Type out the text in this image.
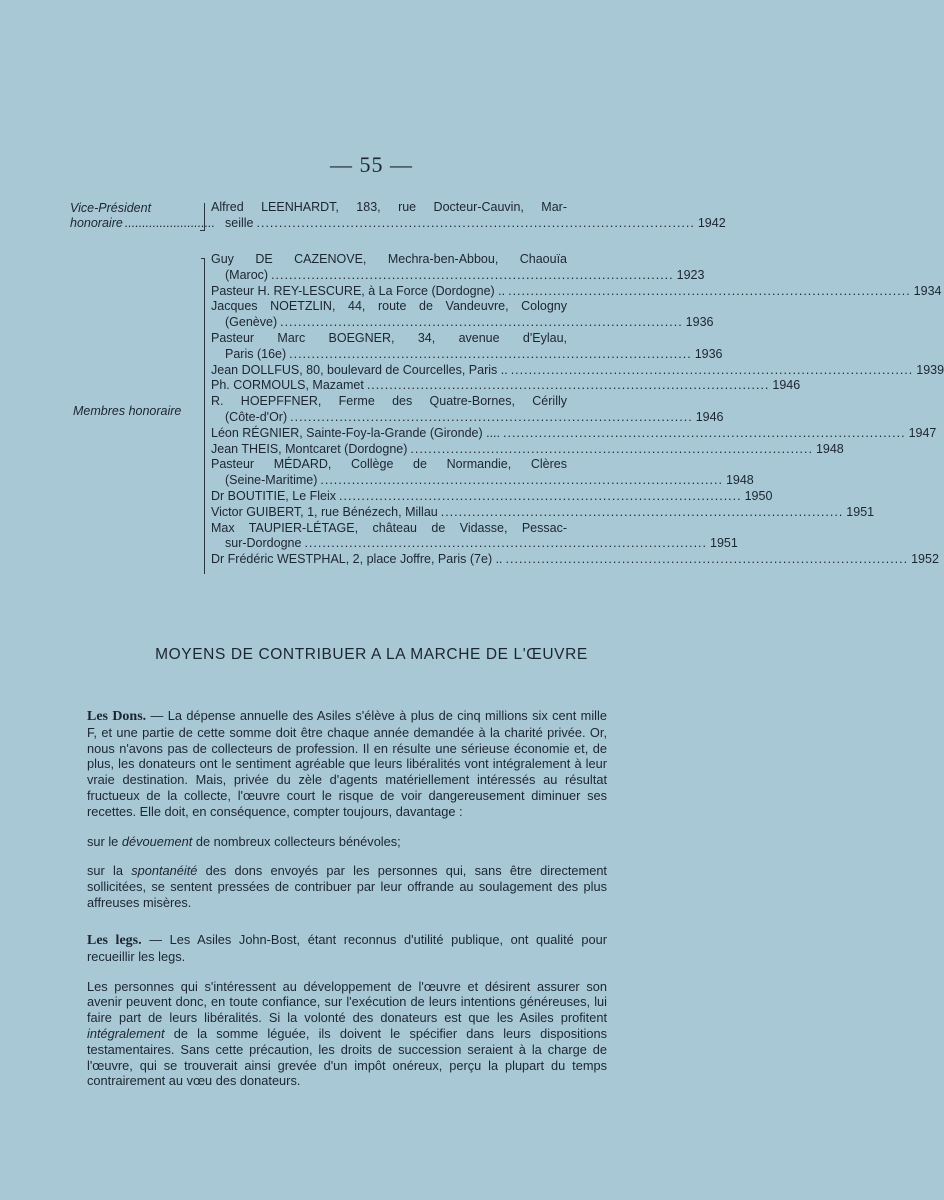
— 55 —
Vice-Président
honoraire ..........................
Alfred LEENHARDT, 183, rue Docteur-Cauvin, Mar-
seille .................................................................................................. 1942
Membres honoraire
Guy DE CAZENOVE, Mechra-ben-Abbou, Chaouïa
(Maroc) .......................................................................................... 1923
Pasteur H. REY-LESCURE, à La Force (Dordogne) .. .......................................................................................... 1934
Jacques NOETZLIN, 44, route de Vandeuvre, Cologny
(Genève) .......................................................................................... 1936
Pasteur Marc BOEGNER, 34, avenue d'Eylau,
Paris (16e) .......................................................................................... 1936
Jean DOLLFUS, 80, boulevard de Courcelles, Paris .. .......................................................................................... 1939
Ph. CORMOULS, Mazamet .......................................................................................... 1946
R. HOEPFFNER, Ferme des Quatre-Bornes, Cérilly
(Côte-d'Or) .......................................................................................... 1946
Léon RÉGNIER, Sainte-Foy-la-Grande (Gironde) .... .......................................................................................... 1947
Jean THEIS, Montcaret (Dordogne) .......................................................................................... 1948
Pasteur MÉDARD, Collège de Normandie, Clères
(Seine-Maritime) .......................................................................................... 1948
Dr BOUTITIE, Le Fleix .......................................................................................... 1950
Victor GUIBERT, 1, rue Bénézech, Millau .......................................................................................... 1951
Max TAUPIER-LÉTAGE, château de Vidasse, Pessac-
sur-Dordogne .......................................................................................... 1951
Dr Frédéric WESTPHAL, 2, place Joffre, Paris (7e) .. .......................................................................................... 1952
MOYENS DE CONTRIBUER A LA MARCHE DE L'ŒUVRE

Les Dons. — La dépense annuelle des Asiles s'élève à plus de cinq millions six cent mille F, et une partie de cette somme doit être chaque année demandée à la charité privée. Or, nous n'avons pas de collecteurs de profession. Il en résulte une sérieuse économie et, de plus, les donateurs ont le sentiment agréable que leurs libéralités vont intégralement à leur vraie destination. Mais, privée du zèle d'agents matériellement intéressés au résultat fructueux de la collecte, l'œuvre court le risque de voir dangereusement diminuer ses recettes. Elle doit, en conséquence, compter toujours, davantage :

sur le dévouement de nombreux collecteurs bénévoles;

sur la spontanéité des dons envoyés par les personnes qui, sans être directement sollicitées, se sentent pressées de contribuer par leur offrande au soulagement des plus affreuses misères.

Les legs. — Les Asiles John-Bost, étant reconnus d'utilité publique, ont qualité pour recueillir les legs.

Les personnes qui s'intéressent au développement de l'œuvre et désirent assurer son avenir peuvent donc, en toute confiance, sur l'exécution de leurs intentions généreuses, lui faire part de leurs libéralités. Si la volonté des donateurs est que les Asiles profitent intégralement de la somme léguée, ils doivent le spécifier dans leurs dispositions testamentaires. Sans cette précaution, les droits de succession seraient à la charge de l'œuvre, qui se trouverait ainsi grevée d'un impôt onéreux, perçu la plupart du temps contrairement au vœu des donateurs.
